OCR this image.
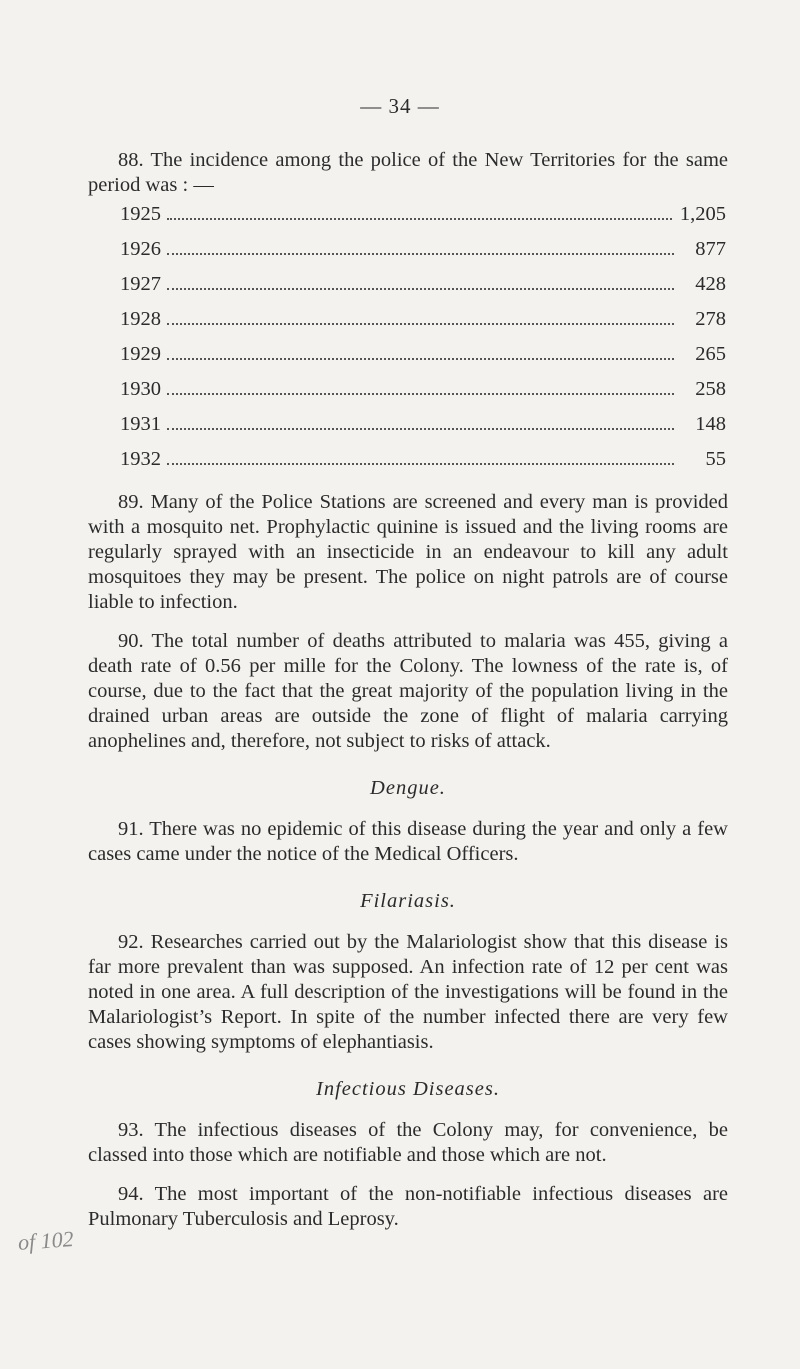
— 34 —

88. The incidence among the police of the New Territories for the same period was : —

1925	1,205
1926	877
1927	428
1928	278
1929	265
1930	258
1931	148
1932	55

89. Many of the Police Stations are screened and every man is provided with a mosquito net. Prophylactic quinine is issued and the living rooms are regularly sprayed with an insecticide in an endeavour to kill any adult mosquitoes they may be present. The police on night patrols are of course liable to infection.

90. The total number of deaths attributed to malaria was 455, giving a death rate of 0.56 per mille for the Colony. The lowness of the rate is, of course, due to the fact that the great majority of the population living in the drained urban areas are outside the zone of flight of malaria carrying anophelines and, therefore, not subject to risks of attack.

Dengue.

91. There was no epidemic of this disease during the year and only a few cases came under the notice of the Medical Officers.

Filariasis.

92. Researches carried out by the Malariologist show that this disease is far more prevalent than was supposed. An infection rate of 12 per cent was noted in one area. A full description of the investigations will be found in the Malariologist’s Report. In spite of the number infected there are very few cases showing symptoms of elephantiasis.

Infectious Diseases.

93. The infectious diseases of the Colony may, for convenience, be classed into those which are notifiable and those which are not.

94. The most important of the non-notifiable infectious diseases are Pulmonary Tuberculosis and Leprosy.

of 102
